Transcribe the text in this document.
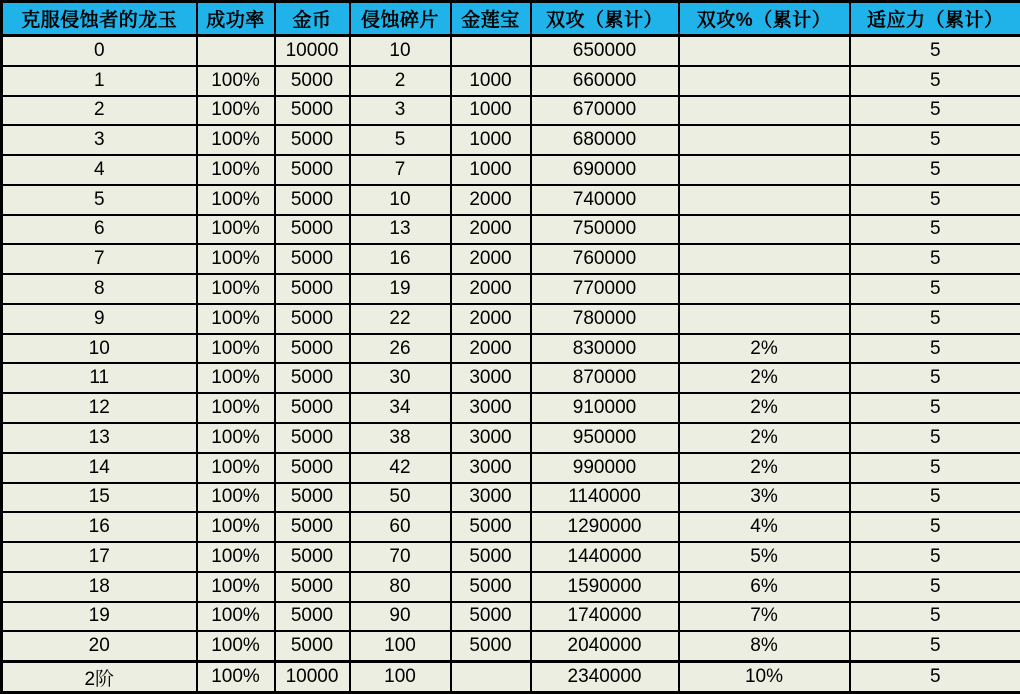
克服侵蚀者的龙玉	成功率	金币	侵蚀碎片	金莲宝	双攻（累计）	双攻%（累计）	适应力（累计）
0		10000	10		650000		5
1	100%	5000	2	1000	660000		5
2	100%	5000	3	1000	670000		5
3	100%	5000	5	1000	680000		5
4	100%	5000	7	1000	690000		5
5	100%	5000	10	2000	740000		5
6	100%	5000	13	2000	750000		5
7	100%	5000	16	2000	760000		5
8	100%	5000	19	2000	770000		5
9	100%	5000	22	2000	780000		5
10	100%	5000	26	2000	830000	2%	5
11	100%	5000	30	3000	870000	2%	5
12	100%	5000	34	3000	910000	2%	5
13	100%	5000	38	3000	950000	2%	5
14	100%	5000	42	3000	990000	2%	5
15	100%	5000	50	3000	1140000	3%	5
16	100%	5000	60	5000	1290000	4%	5
17	100%	5000	70	5000	1440000	5%	5
18	100%	5000	80	5000	1590000	6%	5
19	100%	5000	90	5000	1740000	7%	5
20	100%	5000	100	5000	2040000	8%	5
2阶	100%	10000	100		2340000	10%	5
